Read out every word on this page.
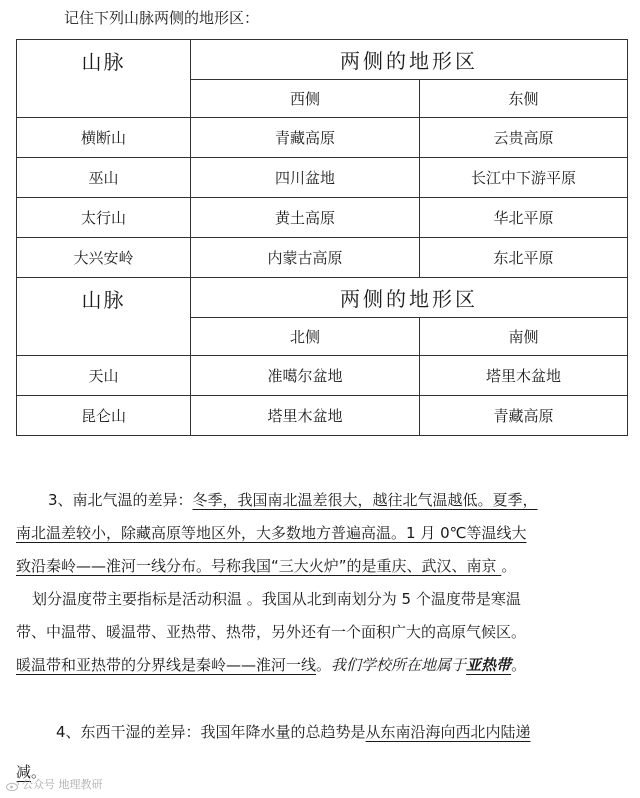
记住下列山脉两侧的地形区：
山脉	两侧的地形区	
	西侧	东侧
横断山	青藏高原	云贵高原
巫山	四川盆地	长江中下游平原
太行山	黄土高原	华北平原
大兴安岭	内蒙古高原	东北平原
山脉	两侧的地形区	
	北侧	南侧
天山	准噶尔盆地	塔里木盆地
昆仑山	塔里木盆地	青藏高原
3、南北气温的差异：冬季，我国南北温差很大，越往北气温越低。夏季，
南北温差较小，除藏高原等地区外，大多数地方普遍高温。1 月 0℃等温线大
致沿秦岭——淮河一线分布。号称我国“三大火炉”的是重庆、武汉、南京 。
划分温度带主要指标是活动积温 。我国从北到南划分为 5 个温度带是寒温
带、中温带、暖温带、亚热带、热带，另外还有一个面积广大的高原气候区。
暖温带和亚热带的分界线是秦岭——淮河一线。我们学校所在地属于亚热带。
4、东西干湿的差异：我国年降水量的总趋势是从东南沿海向西北内陆递
减。
公众号 地理教研
